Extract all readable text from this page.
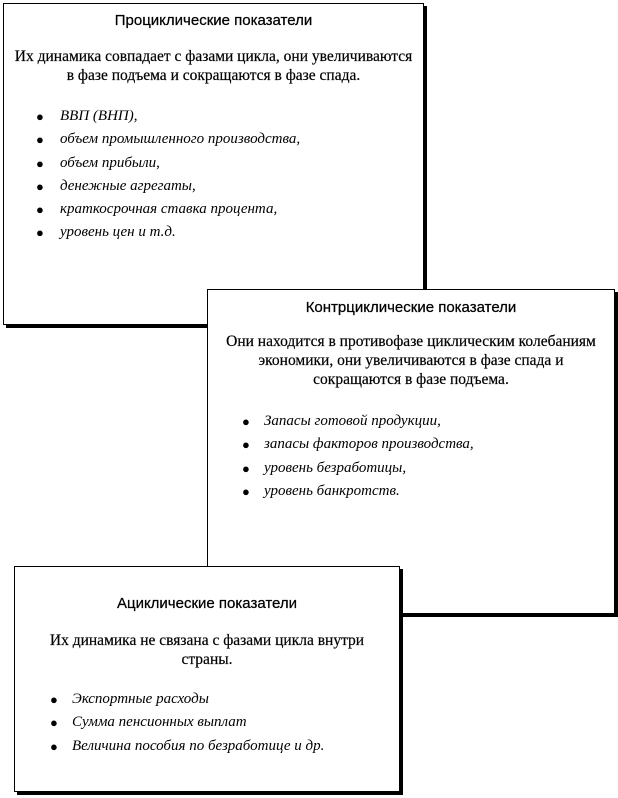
Проциклические показатели

Их динамика совпадает с фазами цикла, они увеличиваются в фазе подъема и сокращаются в фазе спада.

● ВВП (ВНП),
● объем промышленного производства,
● объем прибыли,
● денежные агрегаты,
● краткосрочная ставка процента,
● уровень цен и т.д.

Контрциклические показатели

Они находится в противофазе циклическим колебаниям экономики, они увеличиваются в фазе спада и сокращаются в фазе подъема.

● Запасы готовой продукции,
● запасы факторов производства,
● уровень безработицы,
● уровень банкротств.

Ациклические показатели

Их динамика не связана с фазами цикла внутри страны.

● Экспортные расходы
● Сумма пенсионных выплат
● Величина пособия по безработице и др.
